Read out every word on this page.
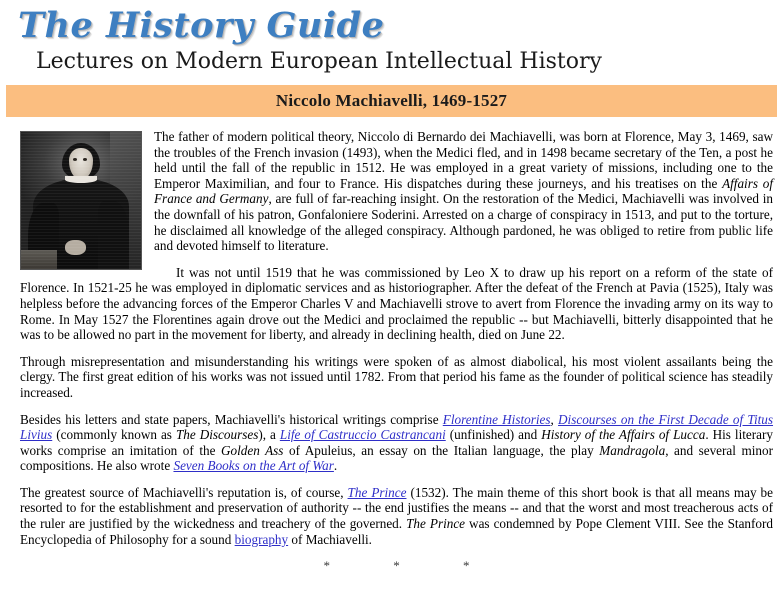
The History Guide
Lectures on Modern European Intellectual History
Niccolo Machiavelli, 1469-1527

The father of modern political theory, Niccolo di Bernardo dei Machiavelli, was born at Florence, May 3, 1469, saw the troubles of the French invasion (1493), when the Medici fled, and in 1498 became secretary of the Ten, a post he held until the fall of the republic in 1512. He was employed in a great variety of missions, including one to the Emperor Maximilian, and four to France. His dispatches during these journeys, and his treatises on the Affairs of France and Germany, are full of far-reaching insight. On the restoration of the Medici, Machiavelli was involved in the downfall of his patron, Gonfaloniere Soderini. Arrested on a charge of conspiracy in 1513, and put to the torture, he disclaimed all knowledge of the alleged conspiracy. Although pardoned, he was obliged to retire from public life and devoted himself to literature.

It was not until 1519 that he was commissioned by Leo X to draw up his report on a reform of the state of Florence. In 1521-25 he was employed in diplomatic services and as historiographer. After the defeat of the French at Pavia (1525), Italy was helpless before the advancing forces of the Emperor Charles V and Machiavelli strove to avert from Florence the invading army on its way to Rome. In May 1527 the Florentines again drove out the Medici and proclaimed the republic -- but Machiavelli, bitterly disappointed that he was to be allowed no part in the movement for liberty, and already in declining health, died on June 22.

Through misrepresentation and misunderstanding his writings were spoken of as almost diabolical, his most violent assailants being the clergy. The first great edition of his works was not issued until 1782. From that period his fame as the founder of political science has steadily increased.

Besides his letters and state papers, Machiavelli's historical writings comprise Florentine Histories, Discourses on the First Decade of Titus Livius (commonly known as The Discourses), a Life of Castruccio Castrancani (unfinished) and History of the Affairs of Lucca. His literary works comprise an imitation of the Golden Ass of Apuleius, an essay on the Italian language, the play Mandragola, and several minor compositions. He also wrote Seven Books on the Art of War.

The greatest source of Machiavelli's reputation is, of course, The Prince (1532). The main theme of this short book is that all means may be resorted to for the establishment and preservation of authority -- the end justifies the means -- and that the worst and most treacherous acts of the ruler are justified by the wickedness and treachery of the governed. The Prince was condemned by Pope Clement VIII. See the Stanford Encyclopedia of Philosophy for a sound biography of Machiavelli.

* * *
